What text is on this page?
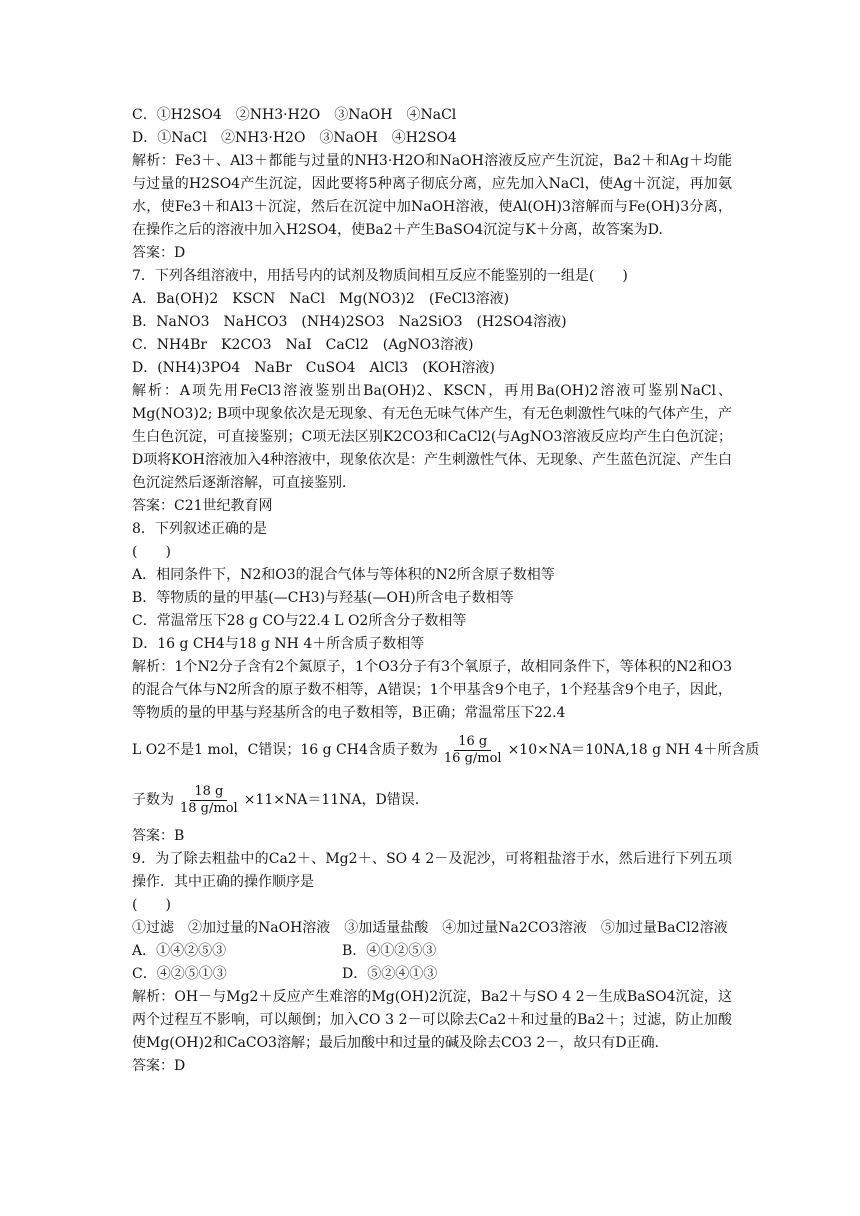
C．①H2SO4　②NH3·H2O　③NaOH　④NaCl
D．①NaCl　②NH3·H2O　③NaOH　④H2SO4
解析：Fe3＋、Al3＋都能与过量的NH3·H2O和NaOH溶液反应产生沉淀，Ba2＋和Ag＋均能与过量的H2SO4产生沉淀，因此要将5种离子彻底分离，应先加入NaCl，使Ag＋沉淀，再加氨水，使Fe3＋和Al3＋沉淀，然后在沉淀中加NaOH溶液，使Al(OH)3溶解而与Fe(OH)3分离，在操作之后的溶液中加入H2SO4，使Ba2＋产生BaSO4沉淀与K＋分离，故答案为D.
答案：D
7．下列各组溶液中，用括号内的试剂及物质间相互反应不能鉴别的一组是(　　)
A．Ba(OH)2　KSCN　NaCl　Mg(NO3)2　(FeCl3溶液)
B．NaNO3　NaHCO3　(NH4)2SO3　Na2SiO3　(H2SO4溶液)
C．NH4Br　K2CO3　NaI　CaCl2　(AgNO3溶液)
D．(NH4)3PO4　NaBr　CuSO4　AlCl3　(KOH溶液)
解析：A项先用FeCl3溶液鉴别出Ba(OH)2、KSCN，再用Ba(OH)2溶液可鉴别NaCl、Mg(NO3)2; B项中现象依次是无现象、有无色无味气体产生，有无色刺激性气味的气体产生，产生白色沉淀，可直接鉴别；C项无法区别K2CO3和CaCl2(与AgNO3溶液反应均产生白色沉淀；D项将KOH溶液加入4种溶液中，现象依次是：产生刺激性气体、无现象、产生蓝色沉淀、产生白色沉淀然后逐渐溶解，可直接鉴别．
答案：C21世纪教育网
8．下列叙述正确的是
(　　)
A．相同条件下，N2和O3的混合气体与等体积的N2所含原子数相等
B．等物质的量的甲基(—CH3)与羟基(—OH)所含电子数相等
C．常温常压下28 g CO与22.4 L O2所含分子数相等
D．16 g CH4与18 g NH 4＋所含质子数相等
解析：1个N2分子含有2个氮原子，1个O3分子有3个氧原子，故相同条件下，等体积的N2和O3的混合气体与N2所含的原子数不相等，A错误；1个甲基含9个电子，1个羟基含9个电子，因此，等物质的量的甲基与羟基所含的电子数相等，B正确；常温常压下22.4
L O2不是1 mol，C错误；16 g CH4含质子数为 $\frac{16 g}{\text{16 g/mol}} \times 10\times NA=10NA,18$ g NH 4＋所含质
子数为 $\frac{18 g}{\text{18 g/mol}} \times 11\times NA=11NA$，D错误．
答案：B
9．为了除去粗盐中的Ca2＋、Mg2＋、SO 4 2－及泥沙，可将粗盐溶于水，然后进行下列五项操作．其中正确的操作顺序是
(　　)
①过滤　②加过量的NaOH溶液　③加适量盐酸　④加过量Na2CO3溶液　⑤加过量BaCl2溶液
A．①④②⑤③	B．④①②⑤③
C．④②⑤①③	D．⑤②④①③
解析：OH－与Mg2＋反应产生难溶的Mg(OH)2沉淀，Ba2＋与SO 4 2－生成BaSO4沉淀，这两个过程互不影响，可以颠倒；加入CO 3 2－可以除去Ca2＋和过量的Ba2＋；过滤，防止加酸使Mg(OH)2和CaCO3溶解；最后加酸中和过量的碱及除去CO3 2－，故只有D正确．
答案：D
